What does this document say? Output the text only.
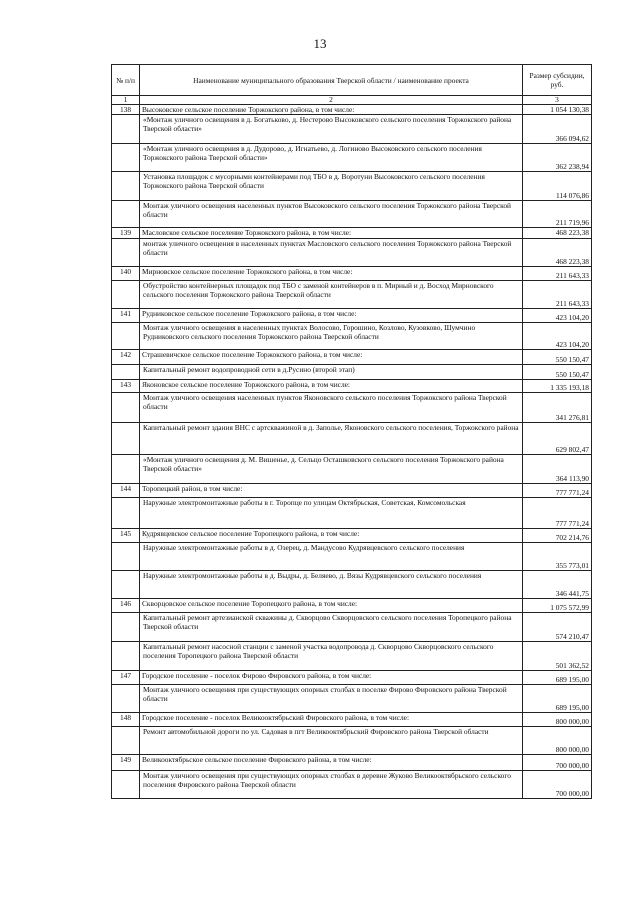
13
№ п/п	Наименование муниципального образования Тверской области / наименование проекта	Размер субсидии, руб.
1	2	3
138	Высоковское сельское поселение Торжокского района, в том числе:	1 054 130,38
	«Монтаж уличного освещения в д. Богатьково, д. Нестерово Высоковского сельского поселения Торжокского района Тверской области»	366 094,62
	«Монтаж уличного освещения в д. Дудорово, д. Игнатьево, д. Логиново Высоковского сельского поселения Торжокского района Тверской области»	362 238,94
	Установка площадок с мусорными контейнерами под ТБО в д. Воротуни Высоковского сельского поселения Торжокского района Тверской области	114 076,86
	Монтаж уличного освещения населенных пунктов Высоковского сельского поселения Торжокского района Тверской области	211 719,96
139	Масловское сельское поселение Торжокского района, в том числе:	468 223,38
	монтаж уличного освещения в населенных пунктах Масловского сельского поселения Торжокского района Тверской области	468 223,38
140	Мирновское сельское поселение Торжокского района, в том числе:	211 643,33
	Обустройство контейнерных площадок под ТБО с заменой контейнеров в п. Мирный и д. Восход Мирновского сельского поселения Торжокского района Тверской области	211 643,33
141	Рудниковское сельское поселение Торжокского района, в том числе:	423 104,20
	Монтаж уличного освещения в населенных пунктах Волосово, Горошино, Козлово, Кузовково, Шумчино Рудниковского сельского поселения Торжокского района Тверской области	423 104,20
142	Страшевичское сельское поселение Торжокского района, в том числе:	550 150,47
	Капитальный ремонт водопроводной сети в д.Русино (второй этап)	550 150,47
143	Яконовское сельское поселение Торжокского района, в том числе:	1 335 193,18
	Монтаж уличного освещения населенных пунктов Яконовского сельского поселения Торжокского района Тверской области	341 276,81
	Капитальный ремонт здания ВНС с артскважиной в д. Заполье, Яконовского сельского поселения, Торжокского района	629 802,47
	«Монтаж уличного освещения д. М. Вишенье, д. Сельцо Осташковского сельского поселения Торжокского района Тверской области»	364 113,90
144	Торопецкий район, в том числе:	777 771,24
	Наружные электромонтажные работы в г. Торопце по улицам Октябрьская, Советская, Комсомольская	777 771,24
145	Кудрявцевское сельское поселение Торопецкого района, в том числе:	702 214,76
	Наружные электромонтажные работы в д. Озерец, д. Мандусово Кудрявцевского сельского поселения	355 773,01
	Наружные электромонтажные работы в д. Выдры, д. Беляево, д. Вязы Кудрявцевского сельского поселения	346 441,75
146	Скворцовское сельское поселение Торопецкого района, в том числе:	1 075 572,99
	Капитальный ремонт артезианской скважины д. Скворцово Скворцовского сельского поселения Торопецкого района Тверской области	574 210,47
	Капитальный ремонт насосной станции с заменой участка водопровода д. Скворцово Скворцовского сельского поселения Торопецкого района Тверской области	501 362,52
147	Городское поселение - поселок Фирово Фировского района, в том числе:	689 195,00
	Монтаж уличного освещения при существующих опорных столбах в поселке Фирово Фировского района Тверской области	689 195,00
148	Городское поселение - поселок Великооктябрьский Фировского района, в том числе:	800 000,00
	Ремонт автомобильной дороги по ул. Садовая в пгт Великооктябрьский Фировского района Тверской области	800 000,00
149	Великооктябрьское сельское поселение Фировского района, в том числе:	700 000,00
	Монтаж уличного освещения при существующих опорных столбах в деревне Жуково Великооктябрьского сельского поселения Фировского района Тверской области	700 000,00
